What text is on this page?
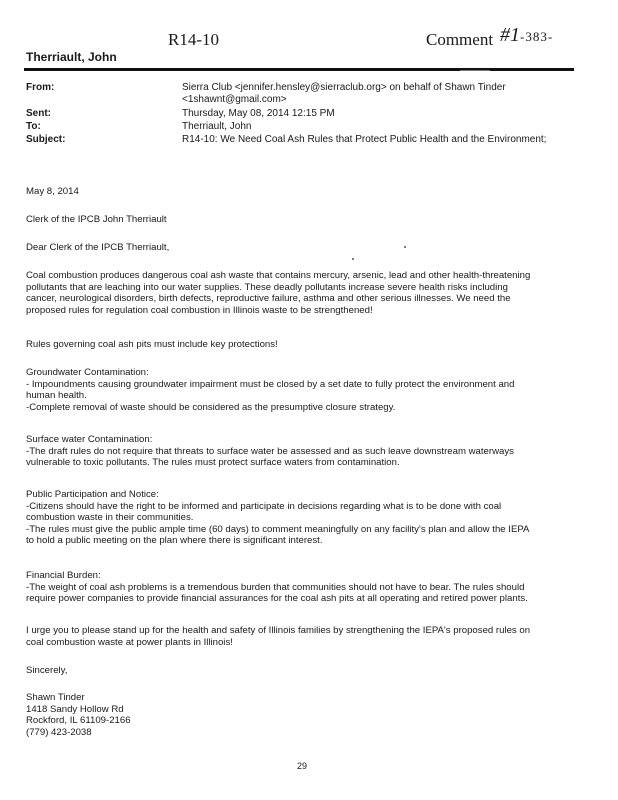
R14-10	Comment #1-383-
Therriault, John
From:	Sierra Club <jennifer.hensley@sierraclub.org> on behalf of Shawn Tinder
<1shawnt@gmail.com>
Sent:	Thursday, May 08, 2014 12:15 PM
To:	Therriault, John
Subject:	R14-10: We Need Coal Ash Rules that Protect Public Health and the Environment;
May 8, 2014
Clerk of the IPCB John Therriault
Dear Clerk of the IPCB Therriault,

Coal combustion produces dangerous coal ash waste that contains mercury, arsenic, lead and other health-threatening

pollutants that are leaching into our water supplies. These deadly pollutants increase severe health risks including

cancer, neurological disorders, birth defects, reproductive failure, asthma and other serious illnesses. We need the

proposed rules for regulation coal combustion in Illinois waste to be strengthened!

Rules governing coal ash pits must include key protections!

Groundwater Contamination:

- Impoundments causing groundwater impairment must be closed by a set date to fully protect the environment and

human health.

-Complete removal of waste should be considered as the presumptive closure strategy.

Surface water Contamination:

-The draft rules do not require that threats to surface water be assessed and as such leave downstream waterways

vulnerable to toxic pollutants. The rules must protect surface waters from contamination.

Public Participation and Notice:

-Citizens should have the right to be informed and participate in decisions regarding what is to be done with coal

combustion waste in their communities.

-The rules must give the public ample time (60 days) to comment meaningfully on any facility's plan and allow the IEPA

to hold a public meeting on the plan where there is significant interest.

Financial Burden:

-The weight of coal ash problems is a tremendous burden that communities should not have to bear. The rules should

require power companies to provide financial assurances for the coal ash pits at all operating and retired power plants.

I urge you to please stand up for the health and safety of Illinois families by strengthening the IEPA's proposed rules on

coal combustion waste at power plants in Illinois!

Sincerely,

Shawn Tinder

1418 Sandy Hollow Rd

Rockford, IL 61109-2166

(779) 423-2038

29
